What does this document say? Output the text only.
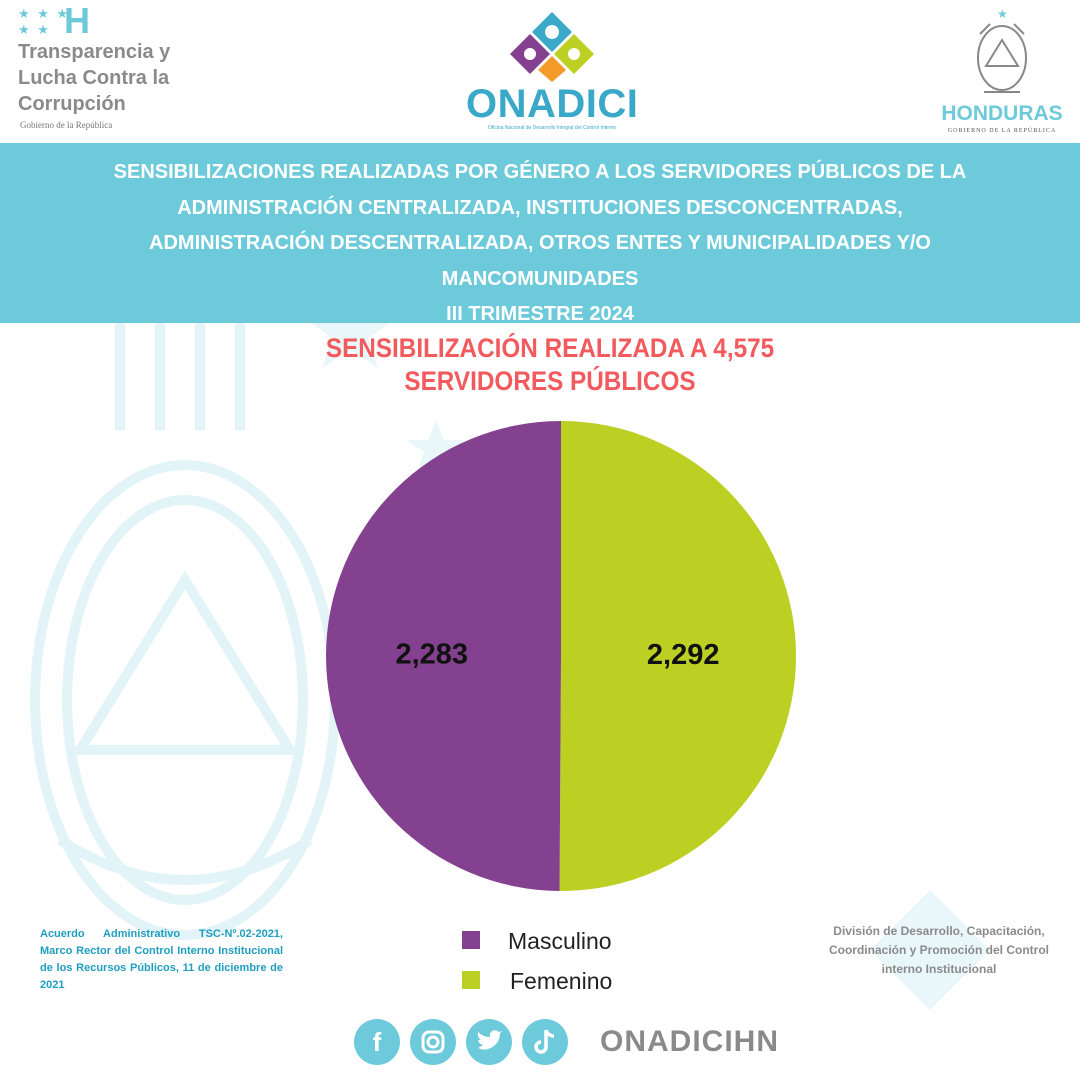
★ ★ ★
★ ★ H
Transparencia y
Lucha Contra la
Corrupción
Gobierno de la República	ONADICI
Oficina Nacional de Desarrollo Integral del Control Interno
★
HONDURAS
GOBIERNO DE LA REPÚBLICA
SENSIBILIZACIONES REALIZADAS POR GÉNERO A LOS SERVIDORES PÚBLICOS DE LA
ADMINISTRACIÓN CENTRALIZADA, INSTITUCIONES DESCONCENTRADAS,
ADMINISTRACIÓN DESCENTRALIZADA, OTROS ENTES Y MUNICIPALIDADES Y/O
MANCOMUNIDADES
III TRIMESTRE 2024
SENSIBILIZACIÓN REALIZADA A 4,575
SERVIDORES PÚBLICOS
2,292
2,283
Masculino
Femenino
Acuerdo Administrativo TSC-Nº.02-2021, Marco Rector del Control Interno Institucional de los Recursos Públicos, 11 de diciembre de 2021
División de Desarrollo, Capacitación, Coordinación y Promoción del Control interno Institucional
f	ONADICIHN
